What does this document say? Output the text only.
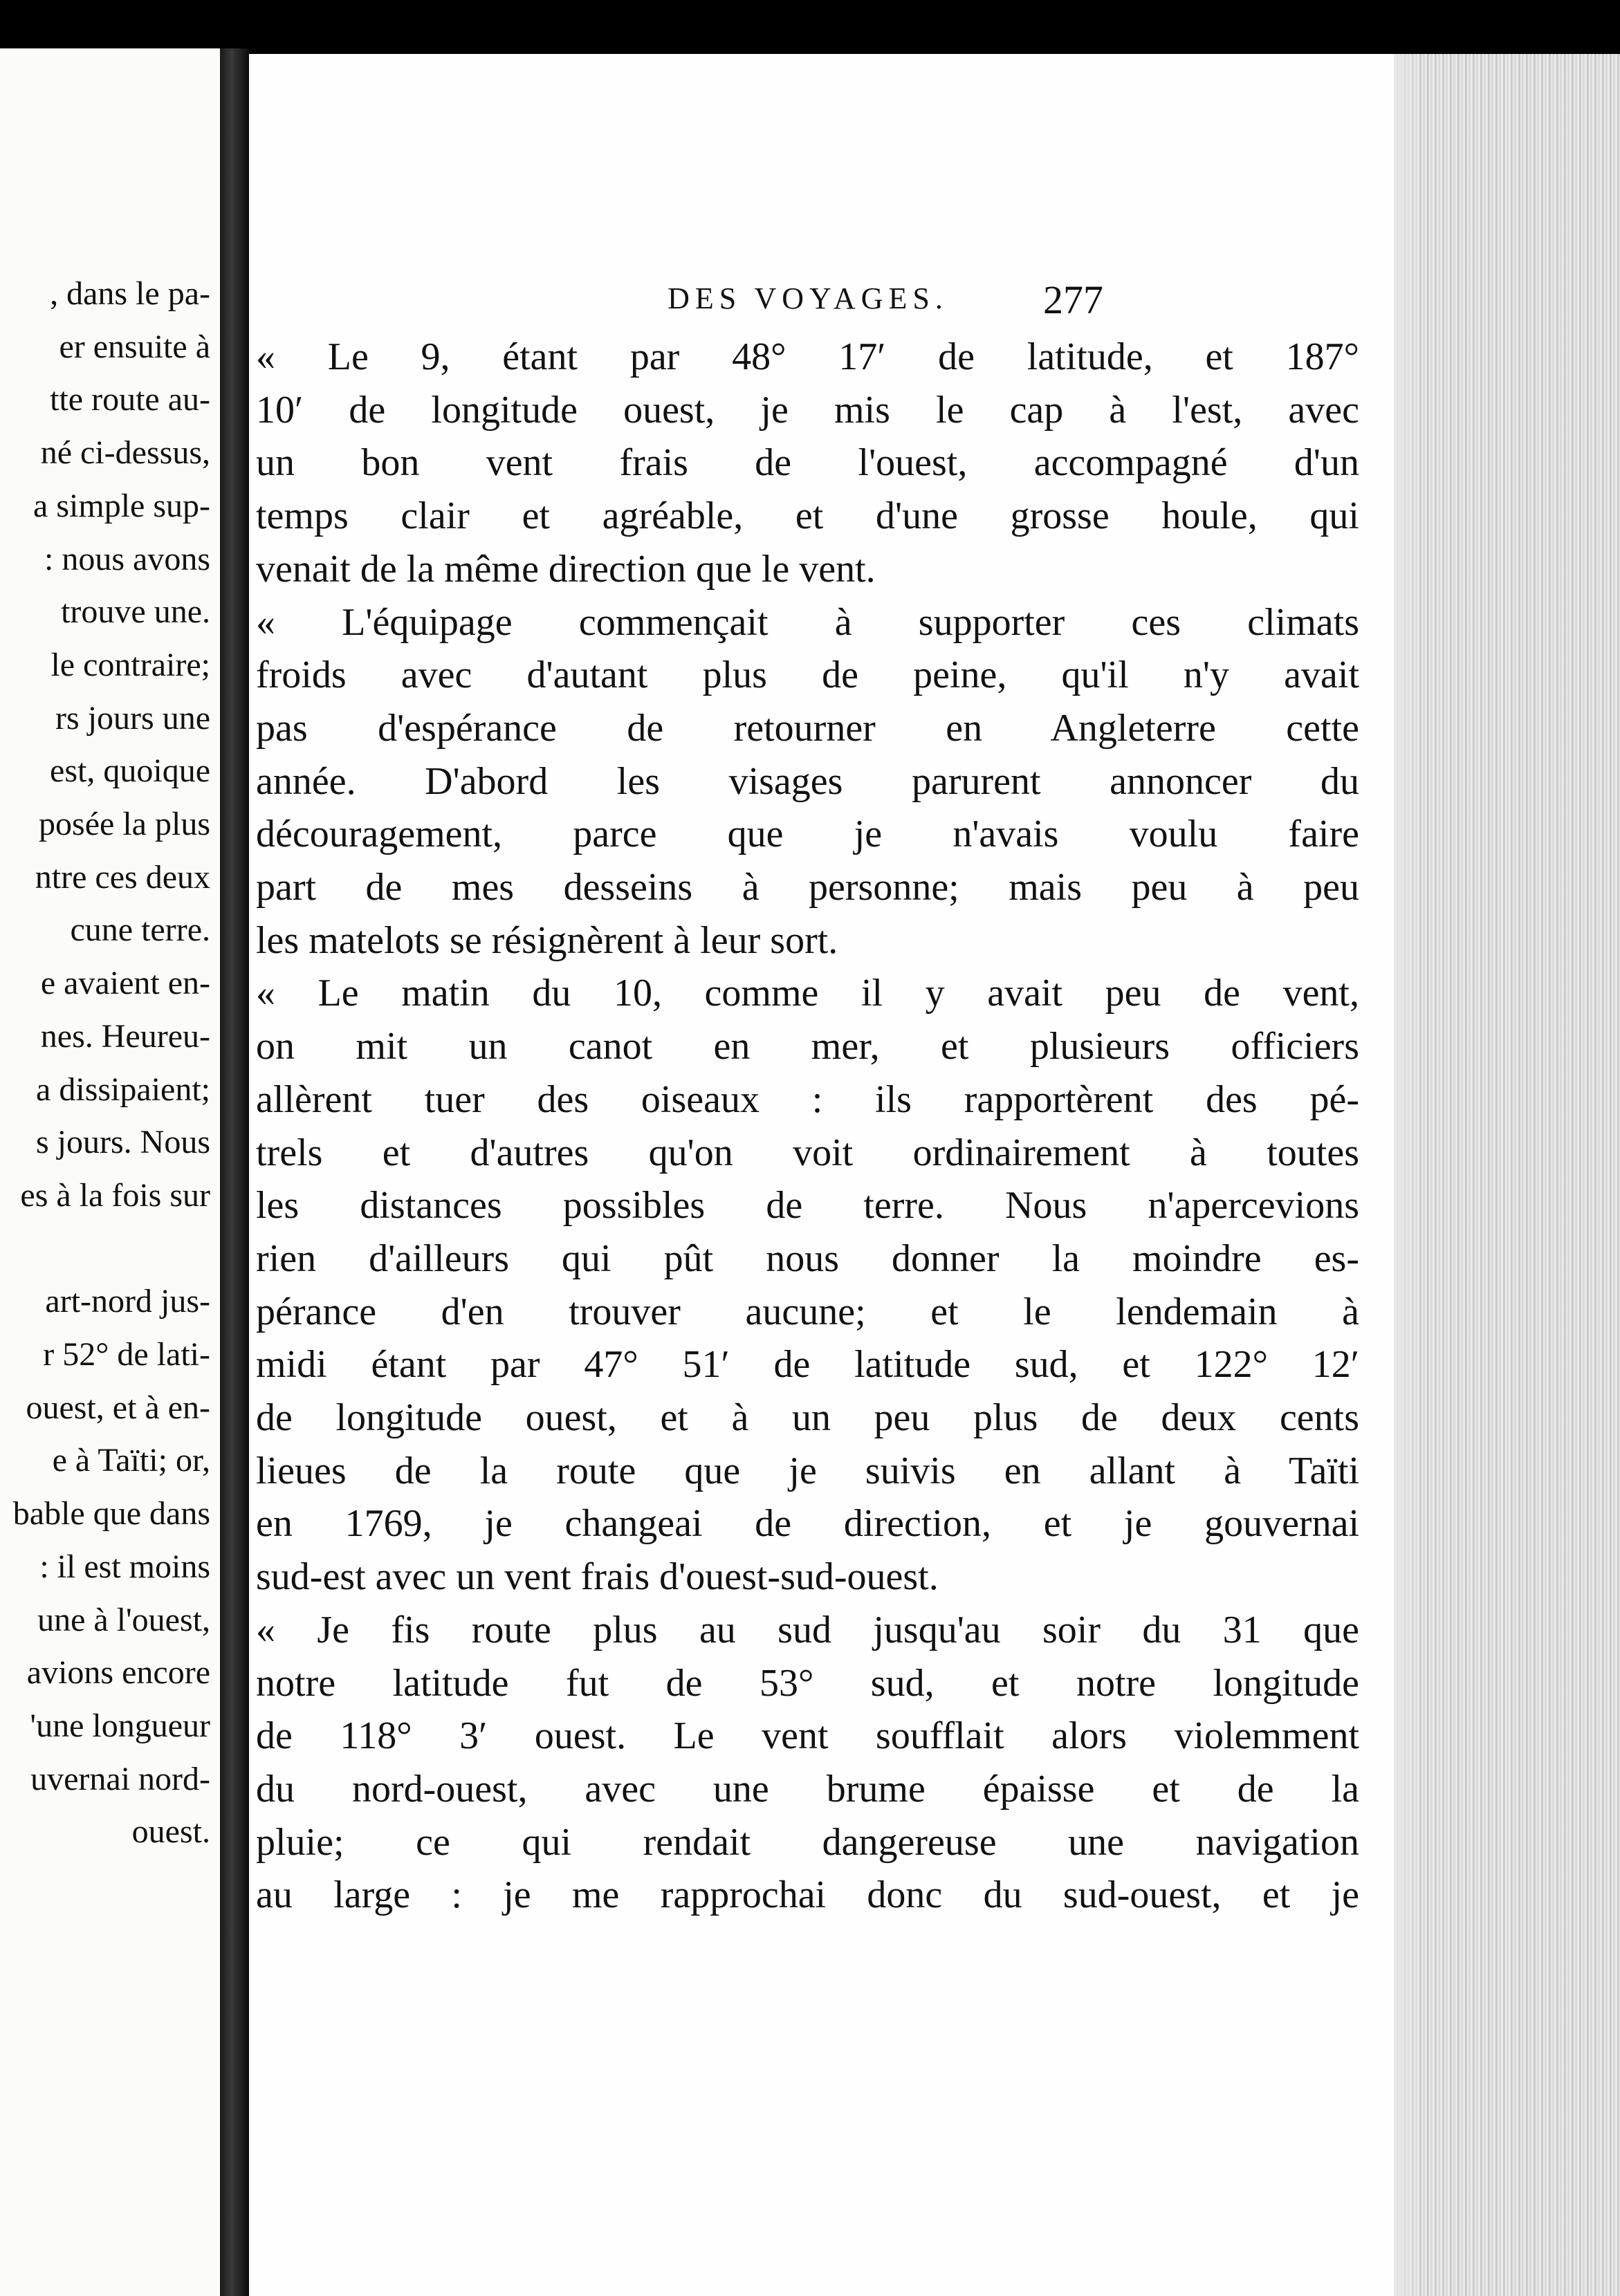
, dans le pa-
er ensuite à
tte route au-
né ci-dessus,
a simple sup-
: nous avons
trouve une.
le contraire;
rs jours une
est, quoique
posée la plus
ntre ces deux
cune terre.
e avaient en-
nes. Heureu-
a dissipaient;
s jours. Nous
es à la fois sur
art-nord jus-
r 52° de lati-
ouest, et à en-
e à Taïti; or,
bable que dans
: il est moins
une à l'ouest,
avions encore
'une longueur
uvernai nord-
ouest.
DES VOYAGES.	277
« Le 9, étant par 48° 17′ de latitude, et 187°
10′ de longitude ouest, je mis le cap à l'est, avec
un bon vent frais de l'ouest, accompagné d'un
temps clair et agréable, et d'une grosse houle, qui
venait de la même direction que le vent.
« L'équipage commençait à supporter ces climats
froids avec d'autant plus de peine, qu'il n'y avait
pas d'espérance de retourner en Angleterre cette
année. D'abord les visages parurent annoncer du
découragement, parce que je n'avais voulu faire
part de mes desseins à personne; mais peu à peu
les matelots se résignèrent à leur sort.
« Le matin du 10, comme il y avait peu de vent,
on mit un canot en mer, et plusieurs officiers
allèrent tuer des oiseaux : ils rapportèrent des pé-
trels et d'autres qu'on voit ordinairement à toutes
les distances possibles de terre. Nous n'apercevions
rien d'ailleurs qui pût nous donner la moindre es-
pérance d'en trouver aucune; et le lendemain à
midi étant par 47° 51′ de latitude sud, et 122° 12′
de longitude ouest, et à un peu plus de deux cents
lieues de la route que je suivis en allant à Taïti
en 1769, je changeai de direction, et je gouvernai
sud-est avec un vent frais d'ouest-sud-ouest.
« Je fis route plus au sud jusqu'au soir du 31 que
notre latitude fut de 53° sud, et notre longitude
de 118° 3′ ouest. Le vent soufflait alors violemment
du nord-ouest, avec une brume épaisse et de la
pluie; ce qui rendait dangereuse une navigation
au large : je me rapprochai donc du sud-ouest, et je
